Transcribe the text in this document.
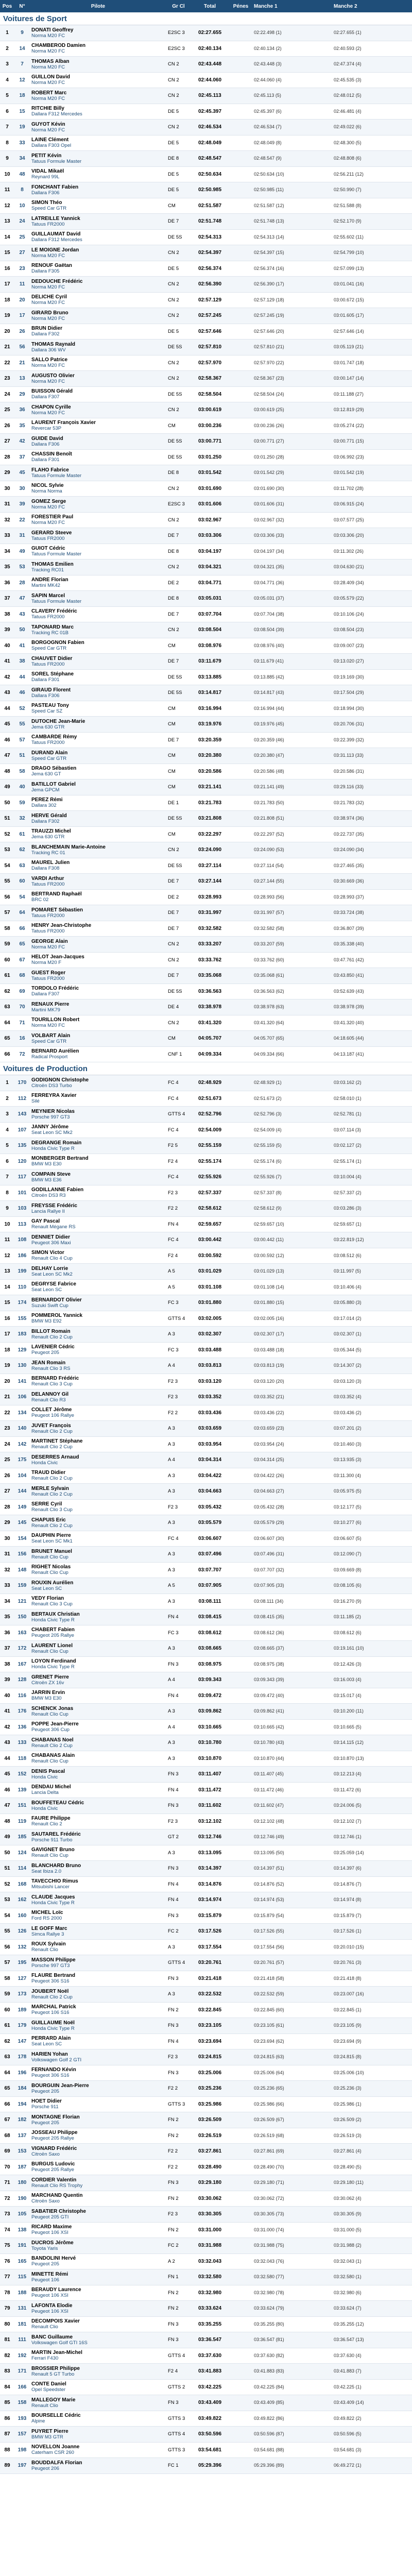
Pos	N°	Pilote	Gr Cl	Total	Pénes	Manche 1	Manche 2
Voitures de Sport							
1	9	DONATI Geoffrey
Norma M20 FC	E2SC 3	02:27.655		02:22.498 (1)	02:27.655 (1)
2	14	CHAMBEROD Damien
Norma M20 FC	E2SC 3	02:40.134		02:40.134 (2)	02:40.593 (2)
3	7	THOMAS Alban
Norma M20 FC	CN 2	02:43.448		02:43.448 (3)	02:47.374 (4)
4	12	GUILLON David
Norma M20 FC	CN 2	02:44.060		02:44.060 (4)	02:45.535 (3)
5	18	ROBERT Marc
Norma M20 FC	CN 2	02:45.113		02:45.113 (5)	02:48.012 (5)
6	15	RITCHIE Billy
Dallara F312 Mercedes	DE 5	02:45.397		02:45.397 (6)	02:46.481 (4)
7	19	GUYOT Kévin
Norma M20 FC	CN 2	02:46.534		02:46.534 (7)	02:49.022 (6)
8	33	LAINE Clément
Dallara F303 Opel	DE 5	02:48.049		02:48.049 (8)	02:48.300 (5)
9	34	PETIT Kévin
Tatuus Formule Master	DE 8	02:48.547		02:48.547 (9)	02:48.808 (6)
10	48	VIDAL Mikaël
Reynard 99L	DE 5	02:50.634		02:50.634 (10)	02:56.211 (12)
11	8	FONCHANT Fabien
Dallara F306	DE 5	02:50.985		02:50.985 (11)	02:50.990 (7)
12	10	SIMON Théo
Speed Car GTR	CM	02:51.587		02:51.587 (12)	02:51.588 (8)
13	24	LATREILLE Yannick
Tatuus FR2000	DE 7	02:51.748		02:51.748 (13)	02:52.170 (9)
14	25	GUILLAUMAT David
Dallara F312 Mercedes	DE 5S	02:54.313		02:54.313 (14)	02:55.602 (11)
15	27	LE MOIGNE Jordan
Norma M20 FC	CN 2	02:54.397		02:54.397 (15)	02:54.799 (10)
16	23	RENOUF Gaëtan
Dallara F305	DE 5	02:56.374		02:56.374 (16)	02:57.099 (13)
17	11	DEDOUCHE Frédéric
Norma M20 FC	CN 2	02:56.390		02:56.390 (17)	03:01.041 (16)
18	20	DELICHE Cyril
Norma M20 FC	CN 2	02:57.129		02:57.129 (18)	03:00.672 (15)
19	17	GIRARD Bruno
Norma M20 FC	CN 2	02:57.245		02:57.245 (19)	03:01.605 (17)
20	26	BRUN Didier
Dallara F302	DE 5	02:57.646		02:57.646 (20)	02:57.646 (14)
21	56	THOMAS Raynald
Dallara 306 WV	DE 5S	02:57.810		02:57.810 (21)	03:05.119 (21)
22	21	SALLO Patrice
Norma M20 FC	CN 2	02:57.970		02:57.970 (22)	03:01.747 (18)
23	13	AUGUSTO Olivier
Norma M20 FC	CN 2	02:58.367		02:58.367 (23)	03:00.147 (14)
24	29	BUISSON Gérald
Dallara F307	DE 5S	02:58.504		02:58.504 (24)	03:11.188 (27)
25	36	CHAPON Cyrille
Norma M20 FC	CN 2	03:00.619		03:00.619 (25)	03:12.819 (29)
26	35	LAURENT François Xavier
Revercar 53P	CM	03:00.236		03:00.236 (26)	03:05.274 (22)
27	42	GUIDE David
Dallara F306	DE 5S	03:00.771		03:00.771 (27)	03:00.771 (15)
28	37	CHASSIN Benoît
Dallara F301	DE 5S	03:01.250		03:01.250 (28)	03:06.992 (23)
29	45	FLAHO Fabrice
Tatuus Formule Master	DE 8	03:01.542		03:01.542 (29)	03:01.542 (19)
30	30	NICOL Sylvie
Norma Norma	CN 2	03:01.690		03:01.690 (30)	03:11.702 (28)
31	39	GOMEZ Serge
Norma M20 FC	E2SC 3	03:01.606		03:01.606 (31)	03:06.915 (24)
32	22	FORESTIER Paul
Norma M20 FC	CN 2	03:02.967		03:02.967 (32)	03:07.577 (25)
33	31	GERARD Steeve
Tatuus FR2000	DE 7	03:03.306		03:03.306 (33)	03:03.306 (20)
34	49	GUIOT Cédric
Tatuus Formule Master	DE 8	03:04.197		03:04.197 (34)	03:11.302 (26)
35	53	THOMAS Emilien
Tracking RC01	CN 2	03:04.321		03:04.321 (35)	03:04.630 (21)
36	28	ANDRE Florian
Martini MK42	DE 2	03:04.771		03:04.771 (36)	03:28.409 (34)
37	47	SAPIN Marcel
Tatuus Formule Master	DE 8	03:05.031		03:05.031 (37)	03:05.579 (22)
38	43	CLAVERY Frédéric
Tatuus FR2000	DE 7	03:07.704		03:07.704 (38)	03:10.106 (24)
39	50	TAPONARD Marc
Tracking RC 01B	CN 2	03:08.504		03:08.504 (39)	03:08.504 (23)
40	41	BORGOGNON Fabien
Speed Car GTR	CM	03:08.976		03:08.976 (40)	03:09.007 (23)
41	38	CHAUVET Didier
Tatuus FR2000	DE 7	03:11.679		03:11.679 (41)	03:13.020 (27)
42	44	SOREL Stéphane
Dallara F301	DE 5S	03:13.885		03:13.885 (42)	03:19.169 (30)
43	46	GIRAUD Florent
Dallara F306	DE 5S	03:14.817		03:14.817 (43)	03:17.504 (29)
44	52	PASTEAU Tony
Speed Car SZ	CM	03:16.994		03:16.994 (44)	03:18.994 (30)
45	55	DUTOCHE Jean-Marie
Jema 630 GTR	CM	03:19.976		03:19.976 (45)	03:20.706 (31)
46	57	CAMBARDE Rémy
Tatuus FR2000	DE 7	03:20.359		03:20.359 (46)	03:22.399 (32)
47	51	DURAND Alain
Speed Car GTR	CM	03:20.380		03:20.380 (47)	03:31.113 (33)
48	58	DRAGO Sébastien
Jema 630 GT	CM	03:20.586		03:20.586 (48)	03:20.586 (31)
49	40	BATILLOT Gabriel
Jema GPCM	CM	03:21.141		03:21.141 (49)	03:29.116 (33)
50	59	PEREZ Rémi
Dallara 302	DE 1	03:21.783		03:21.783 (50)	03:21.783 (32)
51	32	HERVE Gérald
Dallara F302	DE 5S	03:21.808		03:21.808 (51)	03:38.974 (36)
52	61	TRAUZZI Michel
Jema 630 GTR	CM	03:22.297		03:22.297 (52)	03:22.737 (35)
53	62	BLANCHEMAIN Marie-Antoine
Tracking RC 01	CN 2	03:24.090		03:24.090 (53)	03:24.090 (34)
54	63	MAUREL Julien
Dallara F308	DE 5S	03:27.114		03:27.114 (54)	03:27.465 (35)
55	60	VARDI Arthur
Tatuus FR2000	DE 7	03:27.144		03:27.144 (55)	03:30.669 (36)
56	54	BERTRAND Raphaël
BRC 02	DE 2	03:28.993		03:28.993 (56)	03:28.993 (37)
57	64	POMARET Sébastien
Tatuus FR2000	DE 7	03:31.997		03:31.997 (57)	03:33.724 (38)
58	66	HENRY Jean-Christophe
Tatuus FR2000	DE 7	03:32.582		03:32.582 (58)	03:36.807 (39)
59	65	GEORGE Alain
Norma M20 FC	CN 2	03:33.207		03:33.207 (59)	03:35.338 (40)
60	67	HELOT Jean-Jacques
Norma M20 F	CN 2	03:33.762		03:33.762 (60)	03:47.761 (42)
61	68	GUEST Roger
Tatuus FR2000	DE 7	03:35.068		03:35.068 (61)	03:43.850 (41)
62	69	TORDOLO Frédéric
Dallara F307	DE 5S	03:36.563		03:36.563 (62)	03:52.639 (43)
63	70	RENAUX Pierre
Martini MK79	DE 4	03:38.978		03:38.978 (63)	03:38.978 (39)
64	71	TOURILLON Robert
Norma M20 FC	CN 2	03:41.320		03:41.320 (64)	03:41.320 (40)
65	16	VOLBART Alain
Speed Car GTR	CM	04:05.707		04:05.707 (65)	04:18.605 (44)
66	72	BERNARD Aurélien
Radical Prosport	CNF 1	04:09.334		04:09.334 (66)	04:13.187 (41)
Voitures de Production							
1	170	GODIGNON Christophe
Citroën DS3 Turbo	FC 4	02:48.929		02:48.929 (1)	03:03.162 (2)
2	112	FERREYRA Xavier
Silé	FC 4	02:51.673		02:51.673 (2)	02:58.010 (1)
3	143	MEYNIER Nicolas
Porsche 997 GT3	GTTS 4	02:52.796		02:52.796 (3)	02:52.781 (1)
4	107	JANNY Jérôme
Seat Leon SC Mk2	FC 4	02:54.009		02:54.009 (4)	03:07.114 (3)
5	135	DEGRANGE Romain
Honda Civic Type R	F2 5	02:55.159		02:55.159 (5)	03:02.127 (2)
6	120	MONBERGER Bertrand
BMW M3 E30	F2 4	02:55.174		02:55.174 (6)	02:55.174 (1)
7	117	COMPAIN Steve
BMW M3 E36	FC 4	02:55.926		02:55.926 (7)	03:10.004 (4)
8	101	GODILLANNE Fabien
Citroën DS3 R3	F2 3	02:57.337		02:57.337 (8)	02:57.337 (2)
9	103	FREYSSE Frédéric
Lancia Rallye II	F2 2	02:58.612		02:58.612 (9)	03:03.286 (3)
10	113	GAY Pascal
Renault Mégane RS	FN 4	02:59.657		02:59.657 (10)	02:59.657 (1)
11	108	DENNIET Didier
Peugeot 306 Maxi	FC 4	03:00.442		03:00.442 (11)	03:22.819 (12)
12	186	SIMON Victor
Renault Clio 4 Cup	F2 4	03:00.592		03:00.592 (12)	03:08.512 (6)
13	199	DELHAY Lorrie
Seat Leon SC Mk2	A 5	03:01.029		03:01.029 (13)	03:11.997 (5)
14	110	DEGRYSE Fabrice
Seat Leon SC	A 5	03:01.108		03:01.108 (14)	03:10.406 (4)
15	174	BERNARDOT Olivier
Suzuki Swift Cup	FC 3	03:01.880		03:01.880 (15)	03:05.880 (3)
16	155	POMMEROL Yannick
BMW M3 E92	GTTS 4	03:02.005		03:02.005 (16)	03:17.014 (2)
17	183	BILLOT Romain
Renault Clio 2 Cup	A 3	03:02.307		03:02.307 (17)	03:02.307 (1)
18	129	LAVENIER Cédric
Peugeot 205	FC 3	03:03.488		03:03.488 (18)	03:05.344 (5)
19	130	JEAN Romain
Renault Clio 3 RS	A 4	03:03.813		03:03.813 (19)	03:14.307 (2)
20	141	BERNARD Frédéric
Renault Clio 3 Cup	F2 3	03:03.120		03:03.120 (20)	03:03.120 (3)
21	106	DELANNOY Gil
Renault Clio R3	F2 3	03:03.352		03:03.352 (21)	03:03.352 (4)
22	134	COLLET Jérôme
Peugeot 106 Rallye	F2 2	03:03.436		03:03.436 (22)	03:03.436 (2)
23	140	JUVET François
Renault Clio 2 Cup	A 3	03:03.659		03:03.659 (23)	03:07.201 (2)
24	142	MARTINET Stéphane
Renault Clio 2 Cup	A 3	03:03.954		03:03.954 (24)	03:10.460 (3)
25	175	DESERRES Arnaud
Honda Civic	A 4	03:04.314		03:04.314 (25)	03:13.935 (3)
26	104	TRAUD Didier
Renault Clio 2 Cup	A 3	03:04.422		03:04.422 (26)	03:11.300 (4)
27	144	MERLE Sylvain
Renault Clio 2 Cup	A 3	03:04.663		03:04.663 (27)	03:05.975 (5)
28	149	SERRE Cyril
Renault Clio 3 Cup	F2 3	03:05.432		03:05.432 (28)	03:12.177 (5)
29	145	CHAPUIS Eric
Renault Clio 2 Cup	A 3	03:05.579		03:05.579 (29)	03:10.277 (6)
30	154	DAUPHIN Pierre
Seat Leon SC Mk1	FC 4	03:06.607		03:06.607 (30)	03:06.607 (5)
31	156	BRUNET Manuel
Renault Clio Cup	A 3	03:07.496		03:07.496 (31)	03:12.090 (7)
32	148	RIGHET Nicolas
Renault Clio Cup	A 3	03:07.707		03:07.707 (32)	03:09.669 (8)
33	159	ROUXIN Aurélien
Seat Leon SC	A 5	03:07.905		03:07.905 (33)	03:08.105 (6)
34	121	VEDY Florian
Renault Clio 3 Cup	A 3	03:08.111		03:08.111 (34)	03:16.270 (9)
35	150	BERTAUX Christian
Honda Civic Type R	FN 4	03:08.415		03:08.415 (35)	03:11.185 (2)
36	163	CHABERT Fabien
Peugeot 205 Rallye	FC 3	03:08.612		03:08.612 (36)	03:08.612 (6)
37	172	LAURENT Lionel
Renault Clio Cup	A 3	03:08.665		03:08.665 (37)	03:19.161 (10)
38	167	LOYON Ferdinand
Honda Civic Type R	FN 3	03:08.975		03:08.975 (38)	03:12.426 (3)
39	128	GRENET Pierre
Citroën ZX 16v	A 4	03:09.343		03:09.343 (39)	03:16.003 (4)
40	116	JARRIN Ervin
BMW M3 E30	FN 4	03:09.472		03:09.472 (40)	03:15.017 (4)
41	176	SCHENCK Jonas
Renault Clio Cup	A 3	03:09.862		03:09.862 (41)	03:10.200 (11)
42	136	POPPE Jean-Pierre
Peugeot 306 Cup	A 4	03:10.665		03:10.665 (42)	03:10.665 (5)
43	133	CHABANAS Noel
Renault Clio 2 Cup	A 3	03:10.780		03:10.780 (43)	03:14.115 (12)
44	118	CHABANAS Alain
Renault Clio Cup	A 3	03:10.870		03:10.870 (44)	03:10.870 (13)
45	152	DENIS Pascal
Honda Civic	FN 3	03:11.407		03:11.407 (45)	03:12.213 (4)
46	139	DENDAU Michel
Lancia Delta	FN 4	03:11.472		03:11.472 (46)	03:11.472 (6)
47	151	BOUFFETEAU Cédric
Honda Civic	FN 3	03:11.602		03:11.602 (47)	03:24.006 (5)
48	119	FAURE Philippe
Renault Clio 2	F2 3	03:12.102		03:12.102 (48)	03:12.102 (7)
49	185	SAUTAREL Frédéric
Porsche 911 Turbo	GT 2	03:12.746		03:12.746 (49)	03:12.746 (1)
50	124	GAVIGNET Bruno
Renault Clio Cup	A 3	03:13.095		03:13.095 (50)	03:25.059 (14)
51	114	BLANCHARD Bruno
Seat Ibiza 2.0	FN 3	03:14.397		03:14.397 (51)	03:14.397 (6)
52	168	TAVECCHIO Rimus
Mitsubishi Lancer	FN 4	03:14.876		03:14.876 (52)	03:14.876 (7)
53	162	CLAUDE Jacques
Honda Civic Type R	FN 4	03:14.974		03:14.974 (53)	03:14.974 (8)
54	160	MICHEL Loïc
Ford RS 2000	FN 3	03:15.879		03:15.879 (54)	03:15.879 (7)
55	126	LE GOFF Marc
Simca Rallye 3	FC 2	03:17.526		03:17.526 (55)	03:17.526 (1)
56	132	ROUX Sylvain
Renault Clio	A 3	03:17.554		03:17.554 (56)	03:20.010 (15)
57	195	MASSON Philippe
Porsche 997 GT3	GTTS 4	03:20.761		03:20.761 (57)	03:20.761 (3)
58	127	FLAURE Bertrand
Peugeot 306 S16	FN 3	03:21.418		03:21.418 (58)	03:21.418 (8)
59	173	JOUBERT Noël
Renault Clio 2 Cup	A 3	03:22.532		03:22.532 (59)	03:23.007 (16)
60	189	MARCHAL Patrick
Peugeot 106 S16	FN 2	03:22.845		03:22.845 (60)	03:22.845 (1)
61	179	GUILLAUME Noël
Honda Civic Type R	FN 3	03:23.105		03:23.105 (61)	03:23.105 (9)
62	147	PERRARD Alain
Seat Leon SC	FN 4	03:23.694		03:23.694 (62)	03:23.694 (9)
63	178	HARIEN Yohan
Volkswagen Golf 2 GTI	F2 3	03:24.815		03:24.815 (63)	03:24.815 (8)
64	196	FERNANDO Kévin
Peugeot 306 S16	FN 3	03:25.006		03:25.006 (64)	03:25.006 (10)
65	184	BOURGUIN Jean-Pierre
Peugeot 205	F2 2	03:25.236		03:25.236 (65)	03:25.236 (3)
66	194	HOET Didier
Porsche 911	GTTS 3	03:25.986		03:25.986 (66)	03:25.986 (1)
67	182	MONTAGNE Florian
Peugeot 205	FN 2	03:26.509		03:26.509 (67)	03:26.509 (2)
68	137	JOSSEAU Philippe
Peugeot 205 Rallye	FN 2	03:26.519		03:26.519 (68)	03:26.519 (3)
69	153	VIGNARD Frédéric
Citroën Saxo	F2 2	03:27.861		03:27.861 (69)	03:27.861 (4)
70	187	BURGUS Ludovic
Peugeot 205 Rallye	F2 2	03:28.490		03:28.490 (70)	03:28.490 (5)
71	180	CORDIER Valentin
Renault Clio RS Trophy	FN 3	03:29.180		03:29.180 (71)	03:29.180 (11)
72	190	MARCHAND Quentin
Citroën Saxo	FN 2	03:30.062		03:30.062 (72)	03:30.062 (4)
73	105	SABATIER Christophe
Peugeot 205 GTI	F2 3	03:30.305		03:30.305 (73)	03:30.305 (9)
74	138	RICARD Maxime
Peugeot 106 XSI	FN 2	03:31.000		03:31.000 (74)	03:31.000 (5)
75	191	DUCROS Jérôme
Toyota Yaris	FC 2	03:31.988		03:31.988 (75)	03:31.988 (2)
76	165	BANDOLINI Hervé
Peugeot 205	A 2	03:32.043		03:32.043 (76)	03:32.043 (1)
77	115	MINETTE Rémi
Peugeot 106	FN 1	03:32.580		03:32.580 (77)	03:32.580 (1)
78	188	BERAUDY Laurence
Peugeot 106 XSI	FN 2	03:32.980		03:32.980 (78)	03:32.980 (6)
79	131	LAFONTA Elodie
Peugeot 106 XSI	FN 2	03:33.624		03:33.624 (79)	03:33.624 (7)
80	181	DECOMPOIS Xavier
Renault Clio	FN 3	03:35.255		03:35.255 (80)	03:35.255 (12)
81	111	BANC Guillaume
Volkswagen Golf GTI 16S	FN 3	03:36.547		03:36.547 (81)	03:36.547 (13)
82	192	MARTIN Jean-Michel
Ferrari F430	GTTS 4	03:37.630		03:37.630 (82)	03:37.630 (4)
83	171	BROSSIER Philippe
Renault 5 GT Turbo	F2 4	03:41.883		03:41.883 (83)	03:41.883 (7)
84	166	CONTE Daniel
Opel Speedster	GTTS 2	03:42.225		03:42.225 (84)	03:42.225 (1)
85	158	MALLEGOY Marie
Renault Clio	FN 3	03:43.409		03:43.409 (85)	03:43.409 (14)
86	193	BOURSELLE Cédric
Alpine	GTTS 3	03:49.822		03:49.822 (86)	03:49.822 (2)
87	157	PUYRET Pierre
BMW M3 GTR	GTTS 4	03:50.596		03:50.596 (87)	03:50.596 (5)
88	198	NOVELLON Joanne
Caterham CSR 260	GTTS 3	03:54.681		03:54.681 (88)	03:54.681 (3)
89	197	BOUDDALFA Florian
Peugeot 206	FC 1	05:29.396		05:29.396 (89)	06:49.272 (1)
